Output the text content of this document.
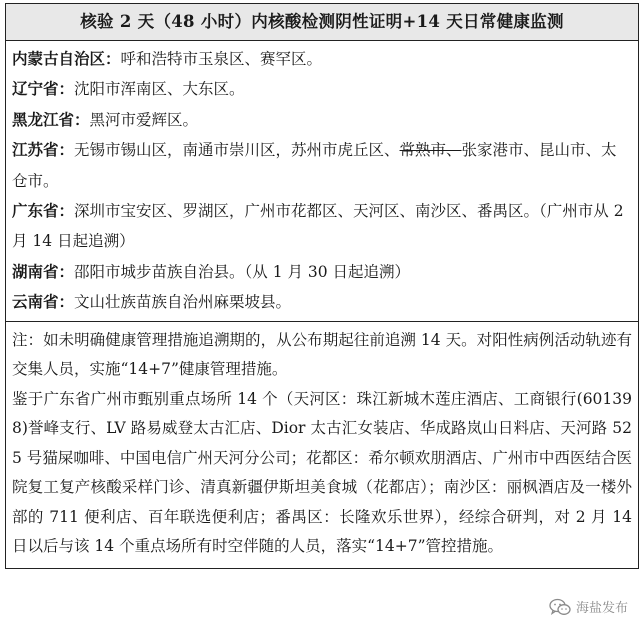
核验 2 天（48 小时）内核酸检测阴性证明+14 天日常健康监测

内蒙古自治区：呼和浩特市玉泉区、赛罕区。

辽宁省：沈阳市浑南区、大东区。

黑龙江省：黑河市爱辉区。

江苏省：无锡市锡山区，南通市崇川区，苏州市虎丘区、常熟市、张家港市、昆山市、太仓市。
广东省：深圳市宝安区、罗湖区，广州市花都区、天河区、南沙区、番禺区。（广州市从 2 月 14 日起追溯）

湖南省：邵阳市城步苗族自治县。（从 1 月 30 日起追溯）

云南省：文山壮族苗族自治州麻栗坡县。

注：如未明确健康管理措施追溯期的，从公布期起往前追溯 14 天。对阳性病例活动轨迹有交集人员，实施“14+7”健康管理措施。

鉴于广东省广州市甄别重点场所 14 个（天河区：珠江新城木莲庄酒店、工商银行(601398)誉峰支行、LV 路易威登太古汇店、Dior 太古汇女装店、华成路岚山日料店、天河路 525 号猫屎咖啡、中国电信广州天河分公司；花都区：希尔顿欢朋酒店、广州市中西医结合医院复工复产核酸采样门诊、清真新疆伊斯坦美食城（花都店）；南沙区：丽枫酒店及一楼外部的 711 便利店、百年联选便利店；番禺区：长隆欢乐世界），经综合研判，对 2 月 14 日以后与该 14 个重点场所有时空伴随的人员，落实“14+7”管控措施。

海盐发布
